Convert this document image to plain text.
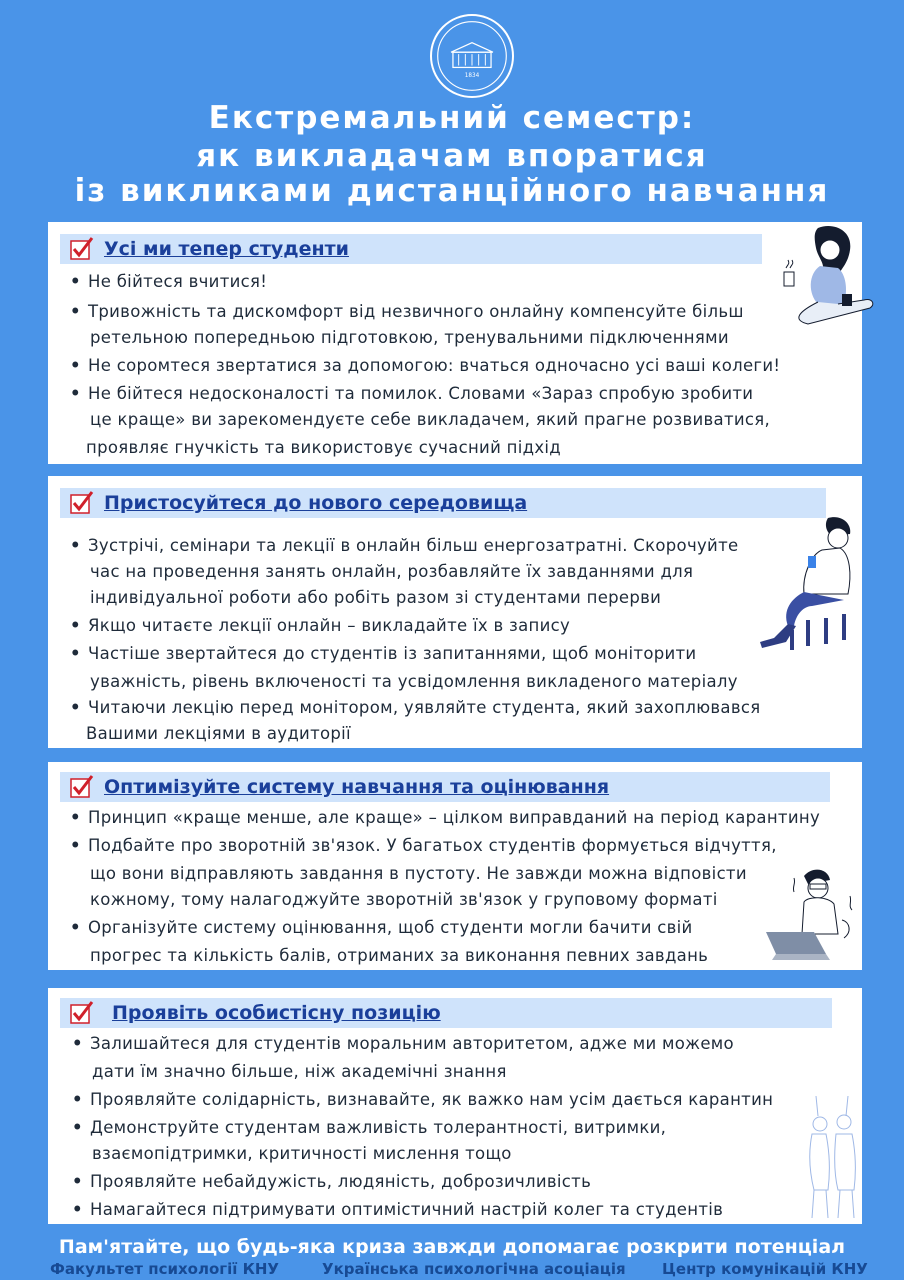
1834
Екстремальний семестр:
як викладачам впоратися
із викликами дистанційного навчання
Усі ми тепер студенти
• Не бійтеся вчитися!
• Тривожність та дискомфорт від незвичного онлайну компенсуйте більш
ретельною попередньою підготовкою, тренувальними підключеннями
• Не соромтеся звертатися за допомогою: вчаться одночасно усі ваші колеги!
• Не бійтеся недосконалості та помилок. Словами «Зараз спробую зробити
це краще» ви зарекомендуєте себе викладачем, який прагне розвиватися,
проявляє гнучкість та використовує сучасний підхід
Пристосуйтеся до нового середовища
• Зустрічі, семінари та лекції в онлайн більш енергозатратні. Скорочуйте
час на проведення занять онлайн, розбавляйте їх завданнями для
індивідуальної роботи або робіть разом зі студентами перерви
• Якщо читаєте лекції онлайн – викладайте їх в запису
• Частіше звертайтеся до студентів із запитаннями, щоб моніторити
уважність, рівень включеності та усвідомлення викладеного матеріалу
• Читаючи лекцію перед монітором, уявляйте студента, який захоплювався
Вашими лекціями в аудиторії
Оптимізуйте систему навчання та оцінювання
• Принцип «краще менше, але краще» – цілком виправданий на період карантину
• Подбайте про зворотній зв'язок. У багатьох студентів формується відчуття,
що вони відправляють завдання в пустоту. Не завжди можна відповісти
кожному, тому налагоджуйте зворотній зв'язок у груповому форматі
• Організуйте систему оцінювання, щоб студенти могли бачити свій
прогрес та кількість балів, отриманих за виконання певних завдань
Проявіть особистісну позицію
• Залишайтеся для студентів моральним авторитетом, адже ми можемо
дати їм значно більше, ніж академічні знання
• Проявляйте солідарність, визнавайте, як важко нам усім дається карантин
• Демонструйте студентам важливість толерантності, витримки,
взаємопідтримки, критичності мислення тощо
• Проявляйте небайдужість, людяність, доброзичливість
• Намагайтеся підтримувати оптимістичний настрій колег та студентів
Пам'ятайте, що будь-яка криза завжди допомагає розкрити потенціал
Факультет психології КНУ	Українська психологічна асоціація Центр комунікацій КНУ
